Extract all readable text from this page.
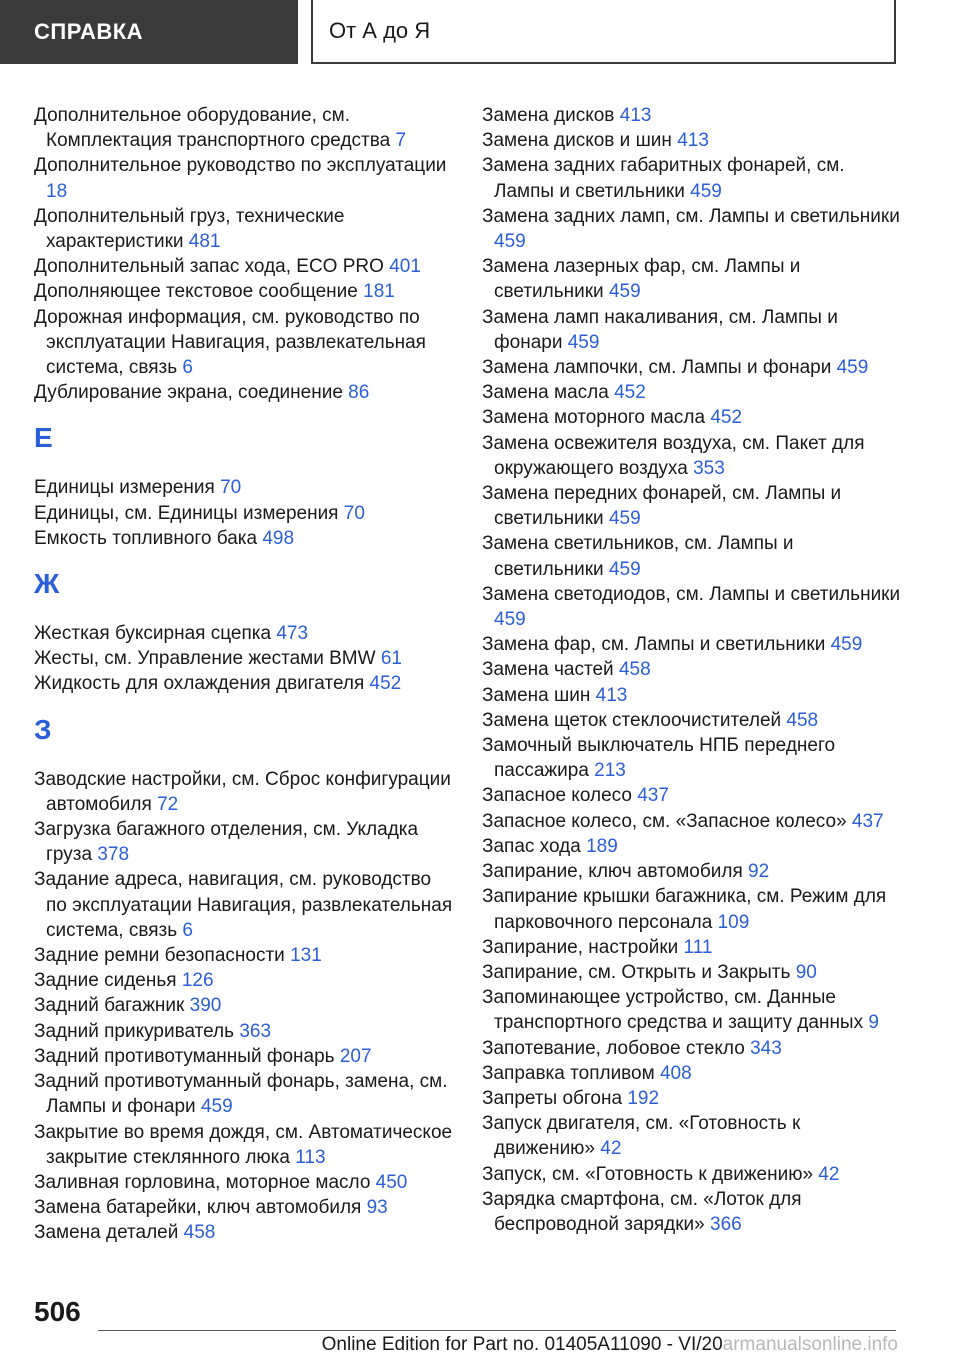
СПРАВКА	От А до Я
Дополнительное оборудование, см. Комплектация транспортного средства 7
Дополнительное руководство по эксплуатации 18
Дополнительный груз, технические характеристики 481
Дополнительный запас хода, ECO PRO 401
Дополняющее текстовое сообщение 181
Дорожная информация, см. руководство по эксплуатации Навигация, развлекательная система, связь 6
Дублирование экрана, соединение 86
Е
Единицы измерения 70
Единицы, см. Единицы измерения 70
Емкость топливного бака 498
Ж
Жесткая буксирная сцепка 473
Жесты, см. Управление жестами BMW 61
Жидкость для охлаждения двигателя 452
З
Заводские настройки, см. Сброс конфигурации автомобиля 72
Загрузка багажного отделения, см. Укладка груза 378
Задание адреса, навигация, см. руководство по эксплуатации Навигация, развлекательная система, связь 6
Задние ремни безопасности 131
Задние сиденья 126
Задний багажник 390
Задний прикуриватель 363
Задний противотуманный фонарь 207
Задний противотуманный фонарь, замена, см. Лампы и фонари 459
Закрытие во время дождя, см. Автоматическое закрытие стеклянного люка 113
Заливная горловина, моторное масло 450
Замена батарейки, ключ автомобиля 93
Замена деталей 458
Замена дисков 413
Замена дисков и шин 413
Замена задних габаритных фонарей, см. Лампы и светильники 459
Замена задних ламп, см. Лампы и светильники 459
Замена лазерных фар, см. Лампы и светильники 459
Замена ламп накаливания, см. Лампы и фонари 459
Замена лампочки, см. Лампы и фонари 459
Замена масла 452
Замена моторного масла 452
Замена освежителя воздуха, см. Пакет для окружающего воздуха 353
Замена передних фонарей, см. Лампы и светильники 459
Замена светильников, см. Лампы и светильники 459
Замена светодиодов, см. Лампы и светильники 459
Замена фар, см. Лампы и светильники 459
Замена частей 458
Замена шин 413
Замена щеток стеклоочистителей 458
Замочный выключатель НПБ переднего пассажира 213
Запасное колесо 437
Запасное колесо, см. «Запасное колесо» 437
Запас хода 189
Запирание, ключ автомобиля 92
Запирание крышки багажника, см. Режим для парковочного персонала 109
Запирание, настройки 111
Запирание, см. Открыть и Закрыть 90
Запоминающее устройство, см. Данные транспортного средства и защиту данных 9
Запотевание, лобовое стекло 343
Заправка топливом 408
Запреты обгона 192
Запуск двигателя, см. «Готовность к движению» 42
Запуск, см. «Готовность к движению» 42
Зарядка смартфона, см. «Лоток для беспроводной зарядки» 366
506
Online Edition for Part no. 01405A11090 - VI/20armanualsonline.info
